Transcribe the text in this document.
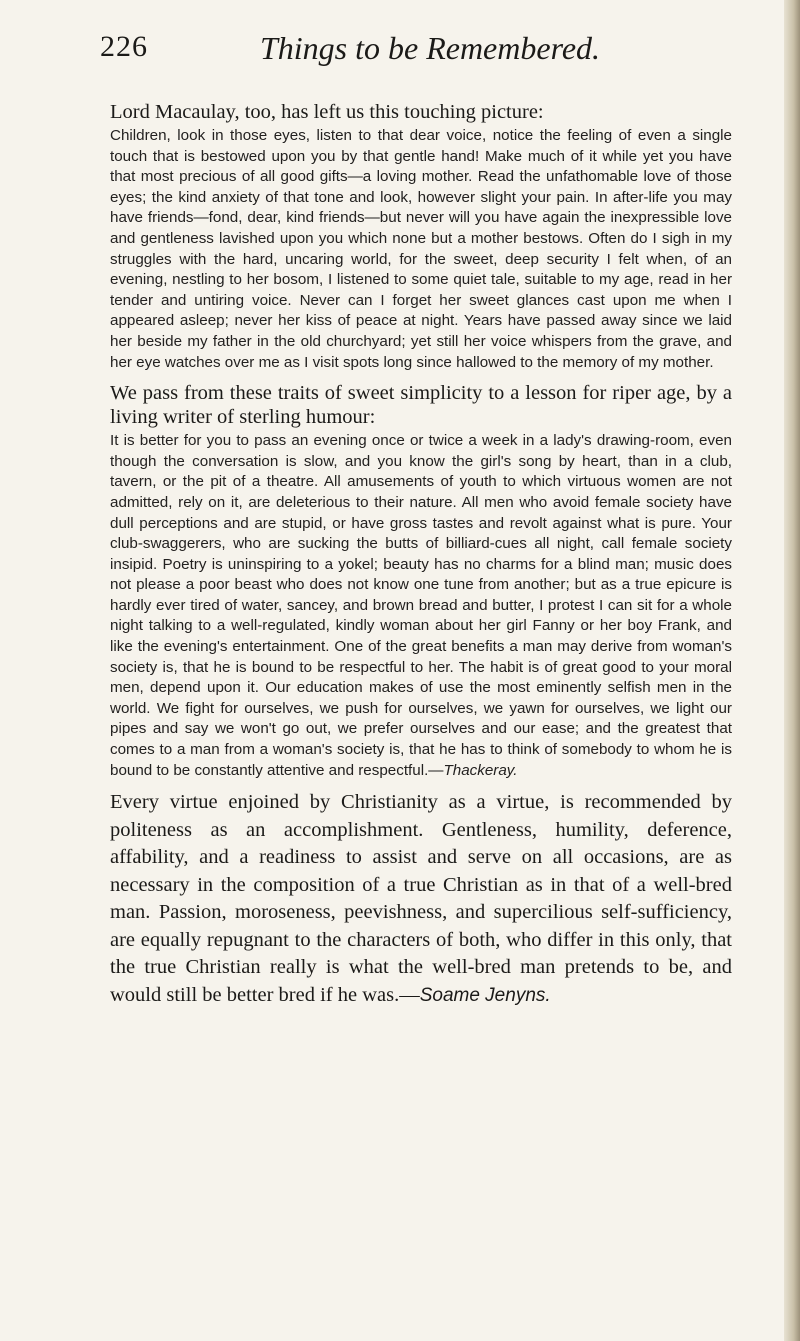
226	Things to be Remembered.

Lord Macaulay, too, has left us this touching picture:

Children, look in those eyes, listen to that dear voice, notice the feeling of even a single touch that is bestowed upon you by that gentle hand! Make much of it while yet you have that most precious of all good gifts—a loving mother. Read the unfathomable love of those eyes; the kind anxiety of that tone and look, however slight your pain. In after-life you may have friends—fond, dear, kind friends—but never will you have again the inexpressible love and gentleness lavished upon you which none but a mother bestows. Often do I sigh in my struggles with the hard, uncaring world, for the sweet, deep security I felt when, of an evening, nestling to her bosom, I listened to some quiet tale, suitable to my age, read in her tender and untiring voice. Never can I forget her sweet glances cast upon me when I appeared asleep; never her kiss of peace at night. Years have passed away since we laid her beside my father in the old churchyard; yet still her voice whispers from the grave, and her eye watches over me as I visit spots long since hallowed to the memory of my mother.

We pass from these traits of sweet simplicity to a lesson for riper age, by a living writer of sterling humour:

It is better for you to pass an evening once or twice a week in a lady's drawing-room, even though the conversation is slow, and you know the girl's song by heart, than in a club, tavern, or the pit of a theatre. All amusements of youth to which virtuous women are not admitted, rely on it, are deleterious to their nature. All men who avoid female society have dull perceptions and are stupid, or have gross tastes and revolt against what is pure. Your club-swaggerers, who are sucking the butts of billiard-cues all night, call female society insipid. Poetry is uninspiring to a yokel; beauty has no charms for a blind man; music does not please a poor beast who does not know one tune from another; but as a true epicure is hardly ever tired of water, sancey, and brown bread and butter, I protest I can sit for a whole night talking to a well-regulated, kindly woman about her girl Fanny or her boy Frank, and like the evening's entertainment. One of the great benefits a man may derive from woman's society is, that he is bound to be respectful to her. The habit is of great good to your moral men, depend upon it. Our education makes of use the most eminently selfish men in the world. We fight for ourselves, we push for ourselves, we yawn for ourselves, we light our pipes and say we won't go out, we prefer ourselves and our ease; and the greatest that comes to a man from a woman's society is, that he has to think of somebody to whom he is bound to be constantly attentive and respectful.—Thackeray.

Every virtue enjoined by Christianity as a virtue, is recommended by politeness as an accomplishment. Gentleness, humility, deference, affability, and a readiness to assist and serve on all occasions, are as necessary in the composition of a true Christian as in that of a well-bred man. Passion, moroseness, peevishness, and supercilious self-sufficiency, are equally repugnant to the characters of both, who differ in this only, that the true Christian really is what the well-bred man pretends to be, and would still be better bred if he was.—Soame Jenyns.
